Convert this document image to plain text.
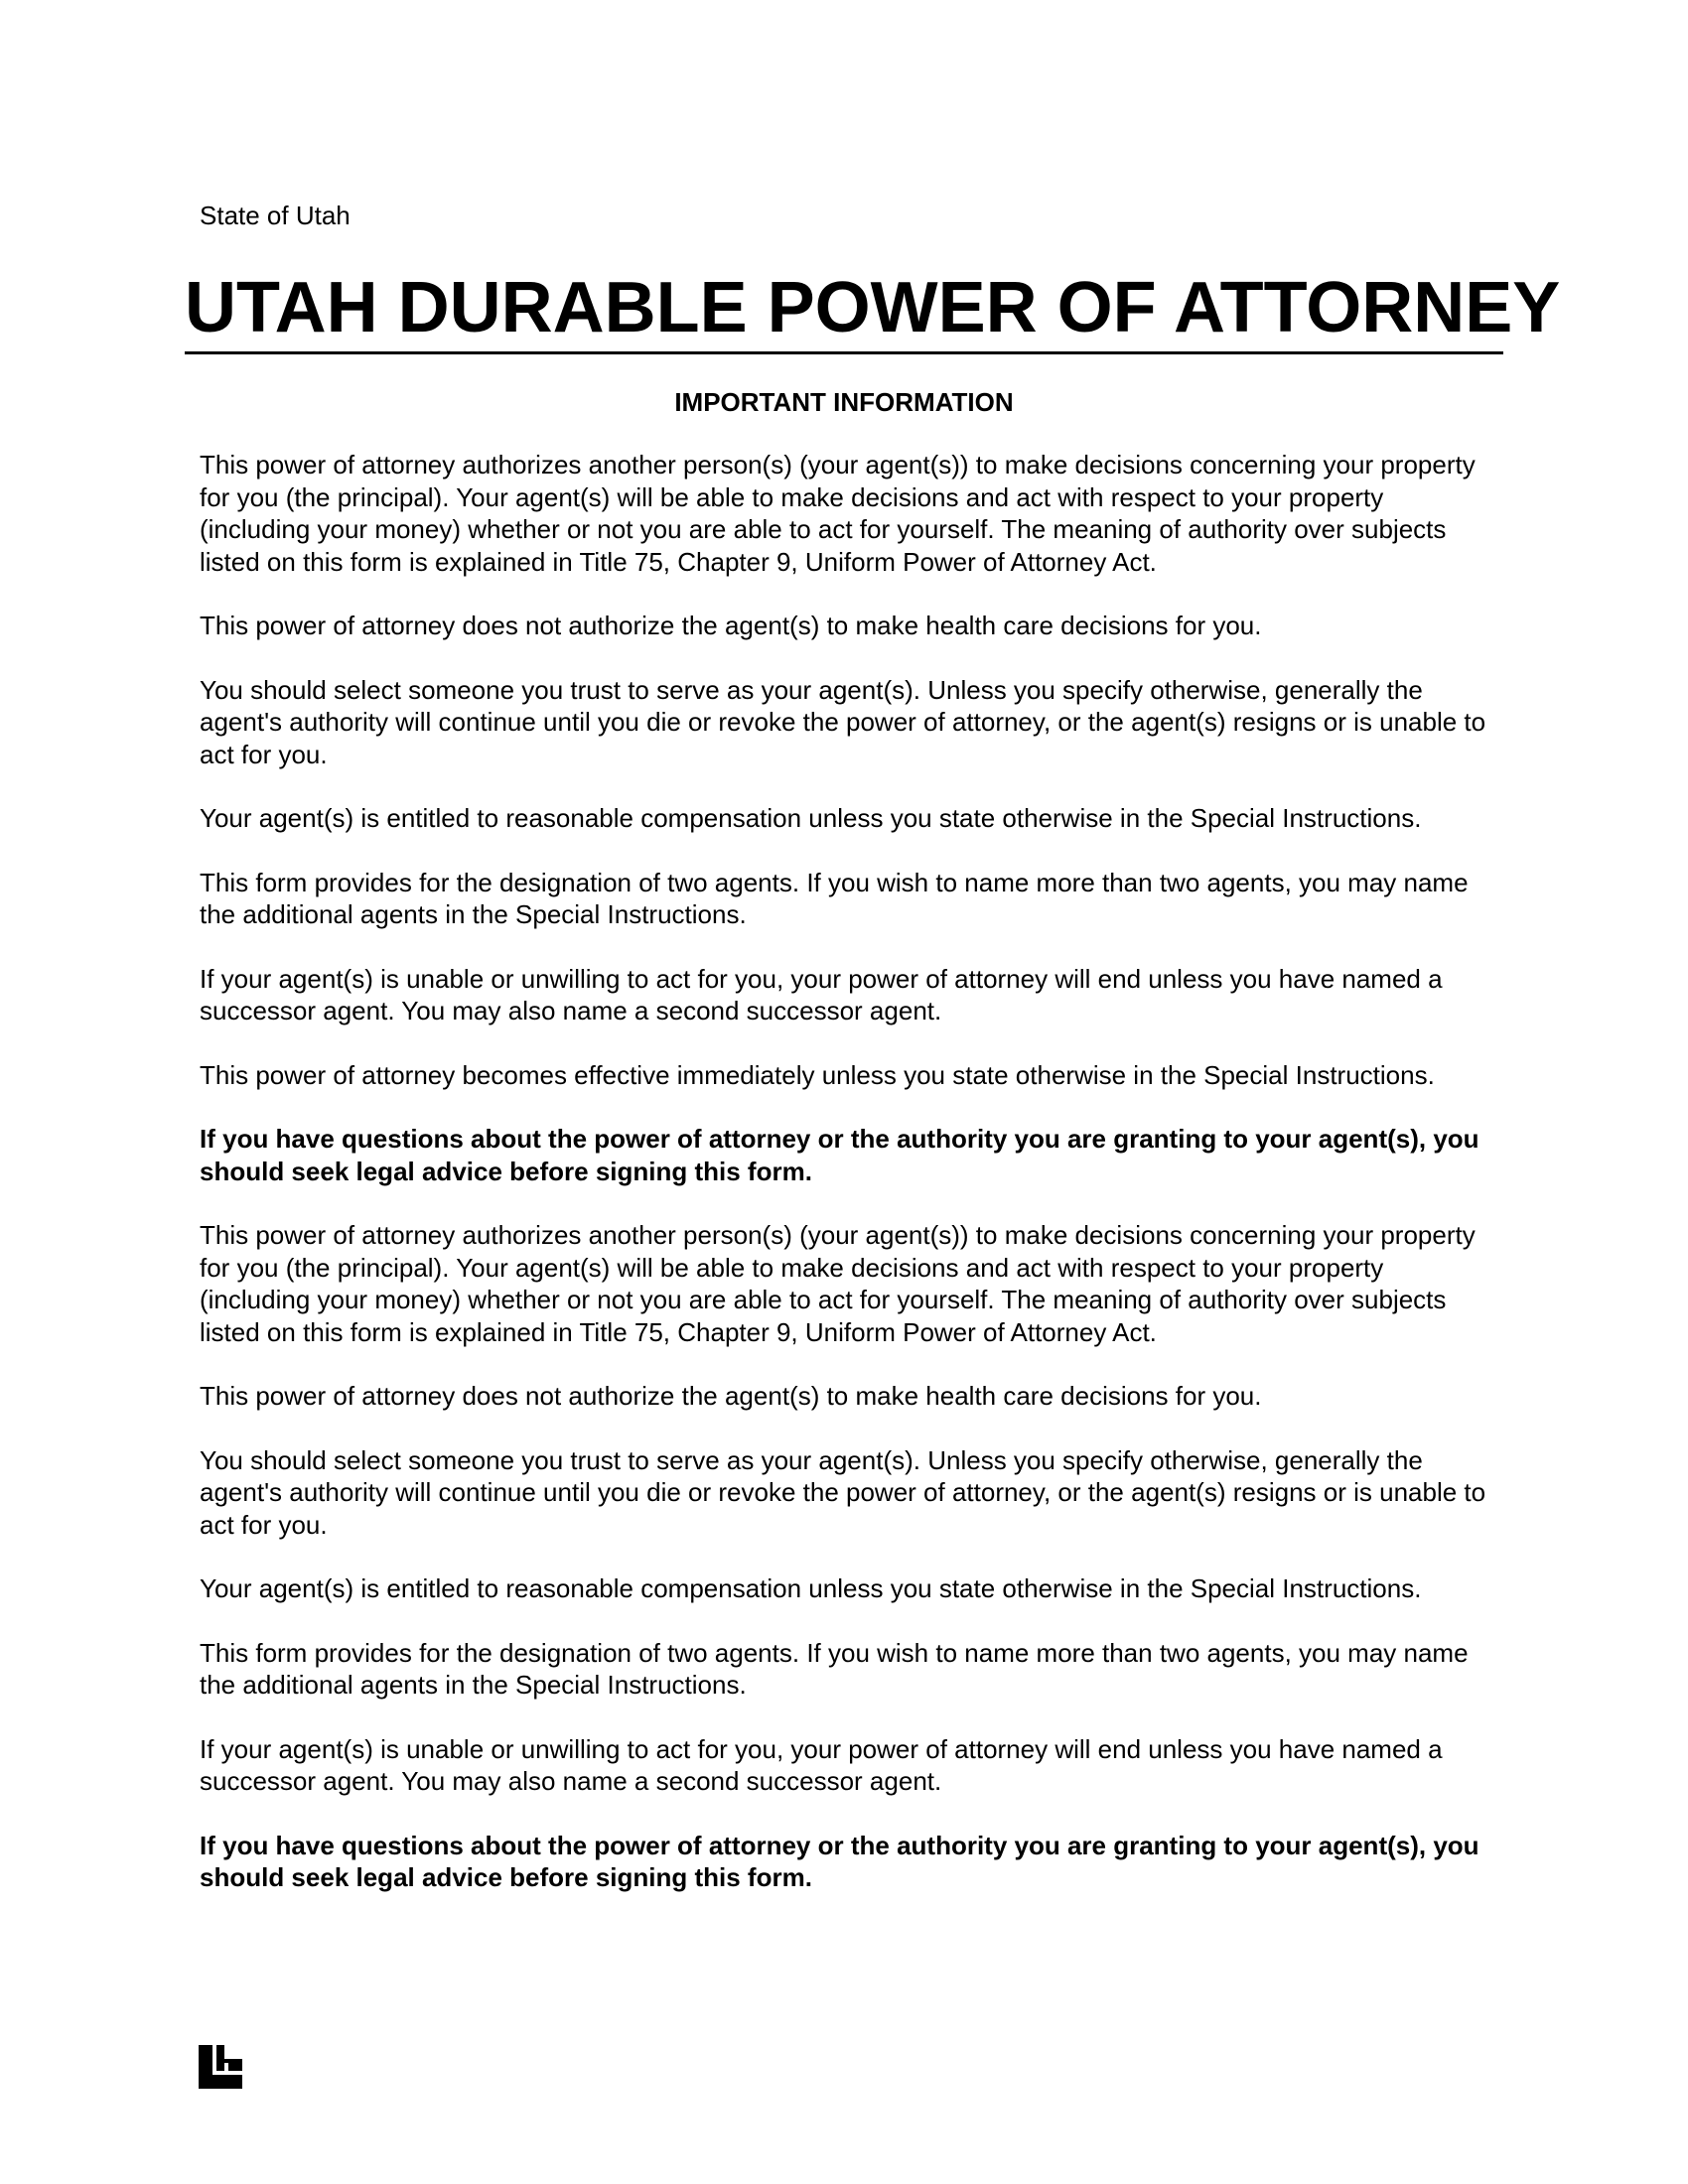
State of Utah
UTAH DURABLE POWER OF ATTORNEY
IMPORTANT INFORMATION

This power of attorney authorizes another person(s) (your agent(s)) to make decisions concerning your property for you (the principal). Your agent(s) will be able to make decisions and act with respect to your property (including your money) whether or not you are able to act for yourself. The meaning of authority over subjects listed on this form is explained in Title 75, Chapter 9, Uniform Power of Attorney Act.

This power of attorney does not authorize the agent(s) to make health care decisions for you.

You should select someone you trust to serve as your agent(s). Unless you specify otherwise, generally the agent's authority will continue until you die or revoke the power of attorney, or the agent(s) resigns or is unable to act for you.

Your agent(s) is entitled to reasonable compensation unless you state otherwise in the Special Instructions.

This form provides for the designation of two agents. If you wish to name more than two agents, you may name the additional agents in the Special Instructions.

If your agent(s) is unable or unwilling to act for you, your power of attorney will end unless you have named a successor agent. You may also name a second successor agent.

This power of attorney becomes effective immediately unless you state otherwise in the Special Instructions.

If you have questions about the power of attorney or the authority you are granting to your agent(s), you should seek legal advice before signing this form.

This power of attorney authorizes another person(s) (your agent(s)) to make decisions concerning your property for you (the principal). Your agent(s) will be able to make decisions and act with respect to your property (including your money) whether or not you are able to act for yourself. The meaning of authority over subjects listed on this form is explained in Title 75, Chapter 9, Uniform Power of Attorney Act.

This power of attorney does not authorize the agent(s) to make health care decisions for you.

You should select someone you trust to serve as your agent(s). Unless you specify otherwise, generally the agent's authority will continue until you die or revoke the power of attorney, or the agent(s) resigns or is unable to act for you.

Your agent(s) is entitled to reasonable compensation unless you state otherwise in the Special Instructions.

This form provides for the designation of two agents. If you wish to name more than two agents, you may name the additional agents in the Special Instructions.

If your agent(s) is unable or unwilling to act for you, your power of attorney will end unless you have named a successor agent. You may also name a second successor agent.

If you have questions about the power of attorney or the authority you are granting to your agent(s), you should seek legal advice before signing this form.
